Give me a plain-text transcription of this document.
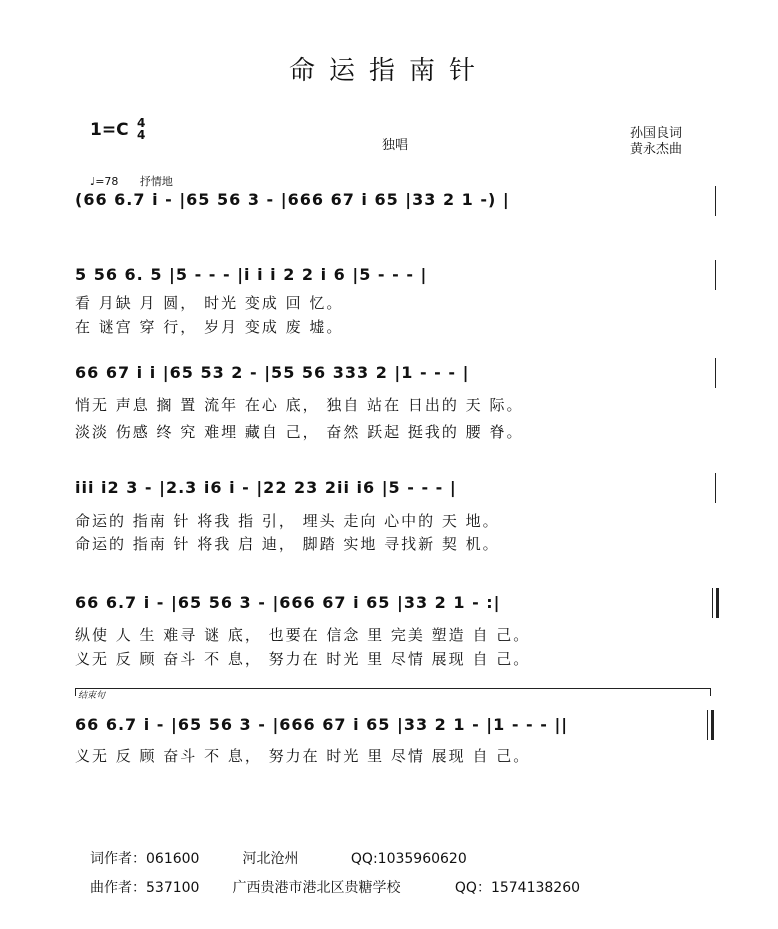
命运指南针
1=C 4
4
独唱
孙国良词
黄永杰曲
♩=78 抒情地
(66 6.7 i - |65 56 3 - |666 67 i 65 |33 2 1 -) |
5 56 6. 5 |5 - - - |i i i 2 2 i 6 |5 - - - |
看 月缺 月 圆， 时光 变成 回 忆。
在 谜宫 穿 行， 岁月 变成 废 墟。
66 67 i i |65 53 2 - |55 56 333 2 |1 - - - |
悄无 声息 搁 置 流年 在心 底， 独自 站在 日出的 天 际。
淡淡 伤感 终 究 难埋 藏自 己， 奋然 跃起 挺我的 腰 脊。
iii i2 3 - |2.3 i6 i - |22 23 2ii i6 |5 - - - |
命运的 指南 针 将我 指 引， 埋头 走向 心中的 天 地。
命运的 指南 针 将我 启 迪， 脚踏 实地 寻找新 契 机。
66 6.7 i - |65 56 3 - |666 67 i 65 |33 2 1 - :|
纵使 人 生 难寻 谜 底， 也要在 信念 里 完美 塑造 自 己。
义无 反 顾 奋斗 不 息， 努力在 时光 里 尽情 展现 自 己。
结束句
66 6.7 i - |65 56 3 - |666 67 i 65 |33 2 1 - |1 - - - ||
义无 反 顾 奋斗 不 息， 努力在 时光 里 尽情 展现 自 己。
词作者：061600	河北沧州	QQ:1035960620
曲作者：537100 广西贵港市港北区贵糖学校	QQ：1574138260
